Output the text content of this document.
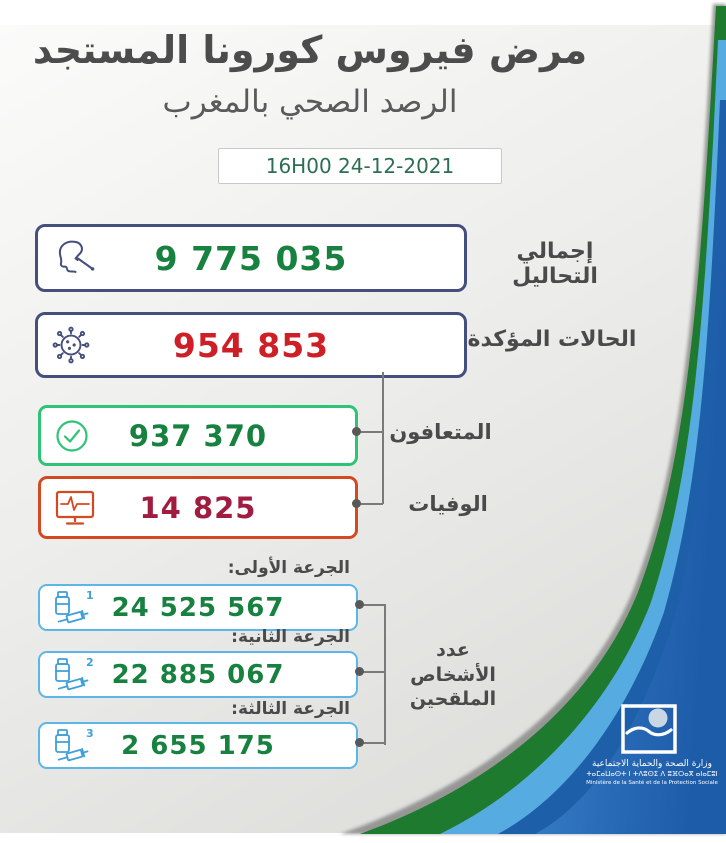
مرض فيروس كورونا المستجد
الرصد الصحي بالمغرب
16H00 24-12-2021
9 775 035	إجمالي التحاليل
954 853	الحالات المؤكدة
937 370	المتعافون
14 825	الوفيات
الجرعة الأولى:
1 24 525 567
الجرعة الثانية:
2 22 885 067
الجرعة الثالثة:
3 2 655 175
عدد الأشخاص الملقحين
وزارة الصحة والحماية الاجتماعية
ⵜⴰⵎⴰⵡⴰⵙⵜ ⵏ ⵜⴷⵓⵙⵉ ⴷ ⵓⴼⵔⴰⴳ ⴰⵏⴰⵎⵓⵏ
Ministère de la Santé et de la Protection Sociale
